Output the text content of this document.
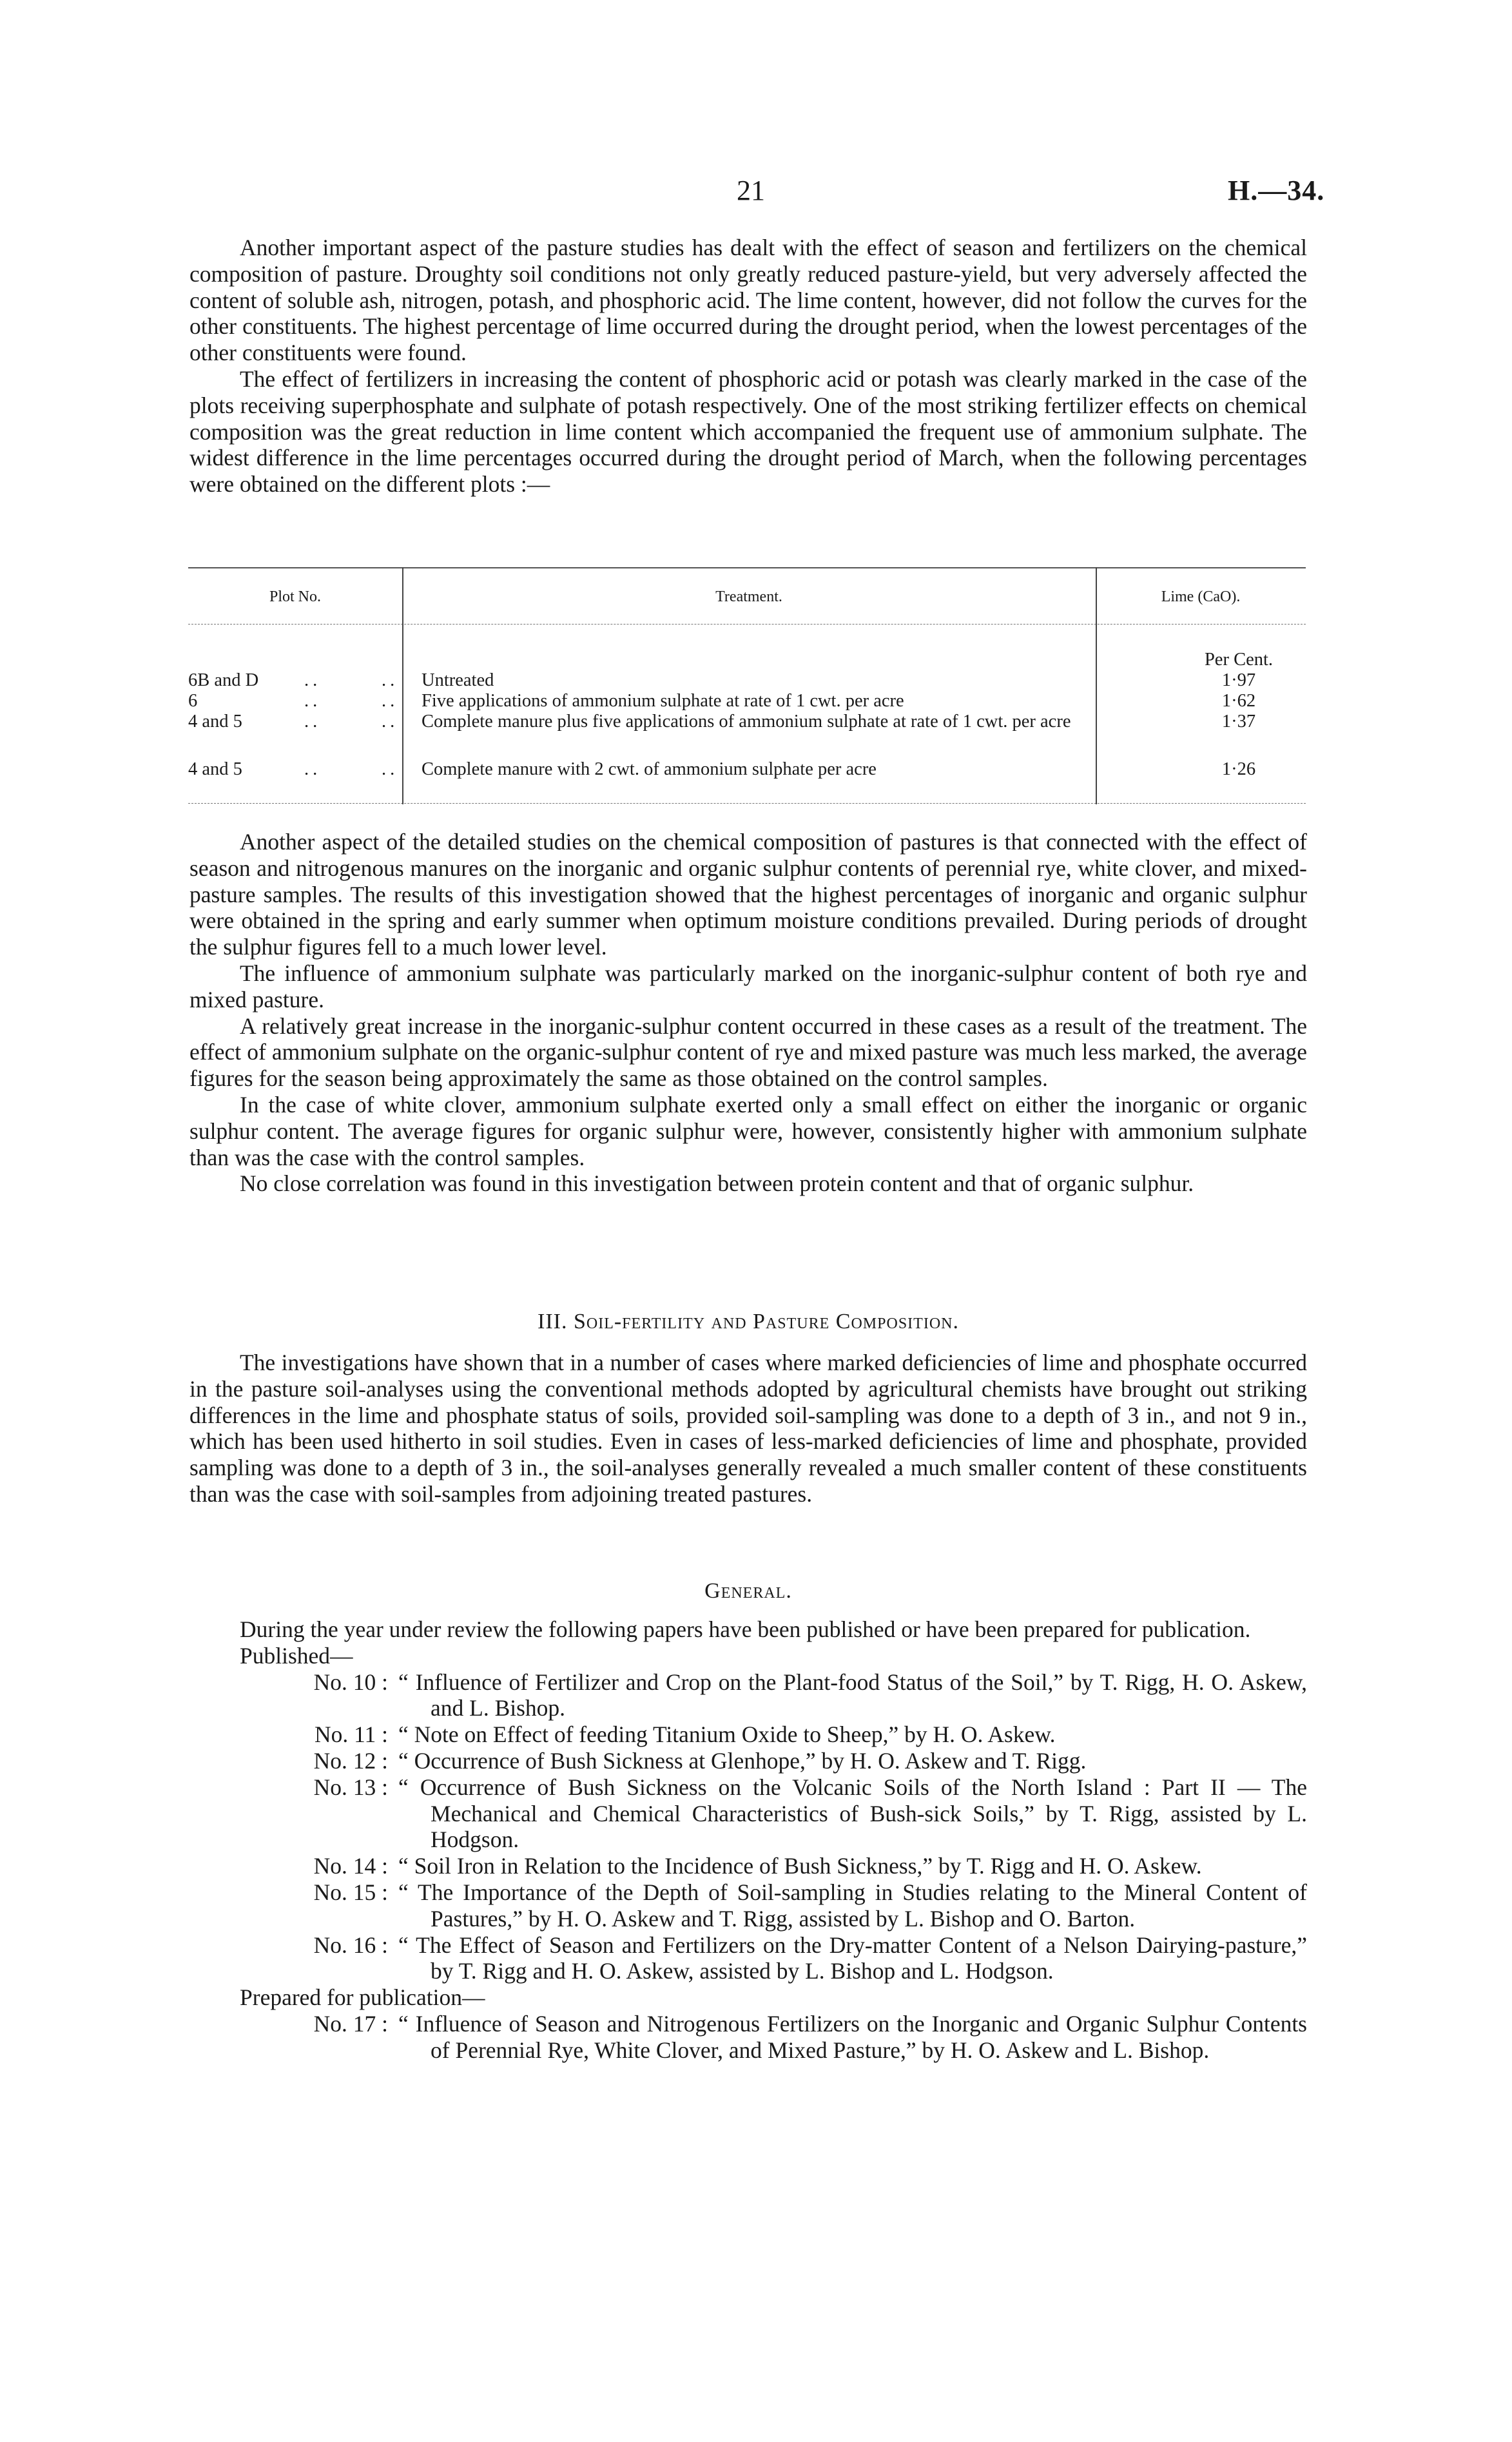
21	H.—34.

Another important aspect of the pasture studies has dealt with the effect of season and fertilizers on the chemical composition of pasture. Droughty soil conditions not only greatly reduced pasture-yield, but very adversely affected the content of soluble ash, nitrogen, potash, and phosphoric acid. The lime content, however, did not follow the curves for the other constituents. The highest percentage of lime occurred during the drought period, when the lowest percentages of the other constituents were found.

The effect of fertilizers in increasing the content of phosphoric acid or potash was clearly marked in the case of the plots receiving superphosphate and sulphate of potash respectively. One of the most striking fertilizer effects on chemical composition was the great reduction in lime content which accompanied the frequent use of ammonium sulphate. The widest difference in the lime percentages occurred during the drought period of March, when the following percentages were obtained on the different plots :—

Plot No.	Treatment.	Lime (CaO).
Per Cent.
6B and D ..	.. Untreated	1·97
6	..	.. Five applications of ammonium sulphate at rate of 1 cwt. per acre	1·62
4 and 5	..	.. Complete manure plus five applications of ammonium sulphate at rate of 1 cwt. per acre	1·37
4 and 5	..	.. Complete manure with 2 cwt. of ammonium sulphate per acre	1·26

Another aspect of the detailed studies on the chemical composition of pastures is that connected with the effect of season and nitrogenous manures on the inorganic and organic sulphur contents of perennial rye, white clover, and mixed-pasture samples. The results of this investigation showed that the highest percentages of inorganic and organic sulphur were obtained in the spring and early summer when optimum moisture conditions prevailed. During periods of drought the sulphur figures fell to a much lower level.

The influence of ammonium sulphate was particularly marked on the inorganic-sulphur content of both rye and mixed pasture.

A relatively great increase in the inorganic-sulphur content occurred in these cases as a result of the treatment. The effect of ammonium sulphate on the organic-sulphur content of rye and mixed pasture was much less marked, the average figures for the season being approximately the same as those obtained on the control samples.

In the case of white clover, ammonium sulphate exerted only a small effect on either the inorganic or organic sulphur content. The average figures for organic sulphur were, however, consistently higher with ammonium sulphate than was the case with the control samples.

No close correlation was found in this investigation between protein content and that of organic sulphur.

III. Soil-fertility and Pasture Composition.

The investigations have shown that in a number of cases where marked deficiencies of lime and phosphate occurred in the pasture soil-analyses using the conventional methods adopted by agricultural chemists have brought out striking differences in the lime and phosphate status of soils, provided soil-sampling was done to a depth of 3 in., and not 9 in., which has been used hitherto in soil studies. Even in cases of less-marked deficiencies of lime and phosphate, provided sampling was done to a depth of 3 in., the soil-analyses generally revealed a much smaller content of these constituents than was the case with soil-samples from adjoining treated pastures.

General.
During the year under review the following papers have been published or have been prepared for publication.
Published—
No. 10 : “ Influence of Fertilizer and Crop on the Plant-food Status of the Soil,” by T. Rigg, H. O. Askew, and L. Bishop.
No. 11 : “ Note on Effect of feeding Titanium Oxide to Sheep,” by H. O. Askew.
No. 12 : “ Occurrence of Bush Sickness at Glenhope,” by H. O. Askew and T. Rigg.
No. 13 : “ Occurrence of Bush Sickness on the Volcanic Soils of the North Island : Part II — The Mechanical and Chemical Characteristics of Bush-sick Soils,” by T. Rigg, assisted by L. Hodgson.
No. 14 : “ Soil Iron in Relation to the Incidence of Bush Sickness,” by T. Rigg and H. O. Askew.
No. 15 : “ The Importance of the Depth of Soil-sampling in Studies relating to the Mineral Content of Pastures,” by H. O. Askew and T. Rigg, assisted by L. Bishop and O. Barton.
No. 16 : “ The Effect of Season and Fertilizers on the Dry-matter Content of a Nelson Dairying-pasture,” by T. Rigg and H. O. Askew, assisted by L. Bishop and L. Hodgson.
Prepared for publication—
No. 17 : “ Influence of Season and Nitrogenous Fertilizers on the Inorganic and Organic Sulphur Contents of Perennial Rye, White Clover, and Mixed Pasture,” by H. O. Askew and L. Bishop.
